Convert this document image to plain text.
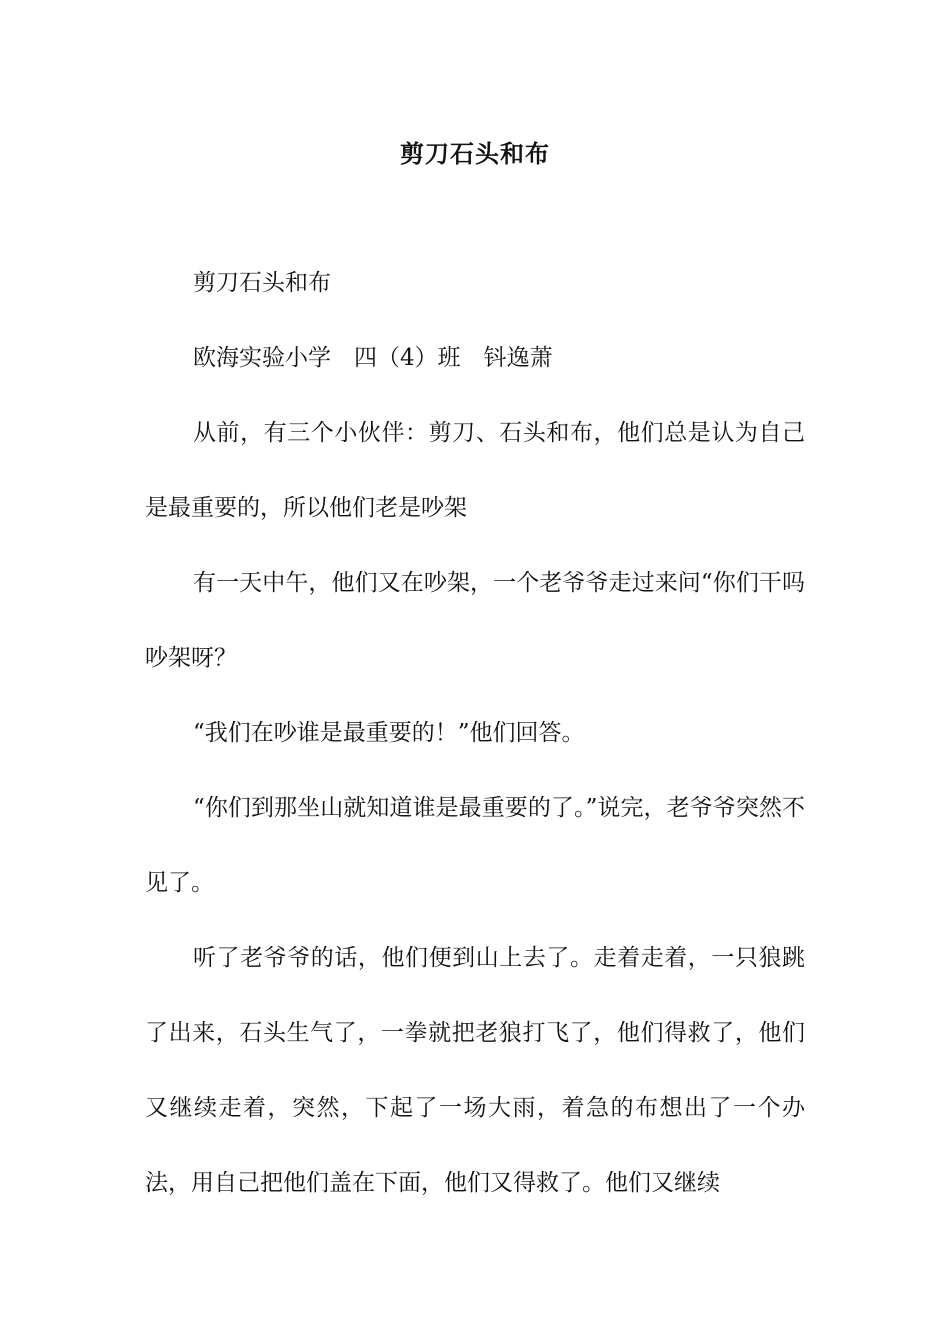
剪刀石头和布

剪刀石头和布

欧海实验小学　四（4）班　钭逸萧

从前，有三个小伙伴：剪刀、石头和布，他们总是认为自己是最重要的，所以他们老是吵架

有一天中午，他们又在吵架，一个老爷爷走过来问“你们干吗吵架呀？

“我们在吵谁是最重要的！”他们回答。

“你们到那坐山就知道谁是最重要的了。”说完，老爷爷突然不见了。

听了老爷爷的话，他们便到山上去了。走着走着，一只狼跳了出来，石头生气了，一拳就把老狼打飞了，他们得救了，他们又继续走着，突然，下起了一场大雨，着急的布想出了一个办法，用自己把他们盖在下面，他们又得救了。他们又继续
